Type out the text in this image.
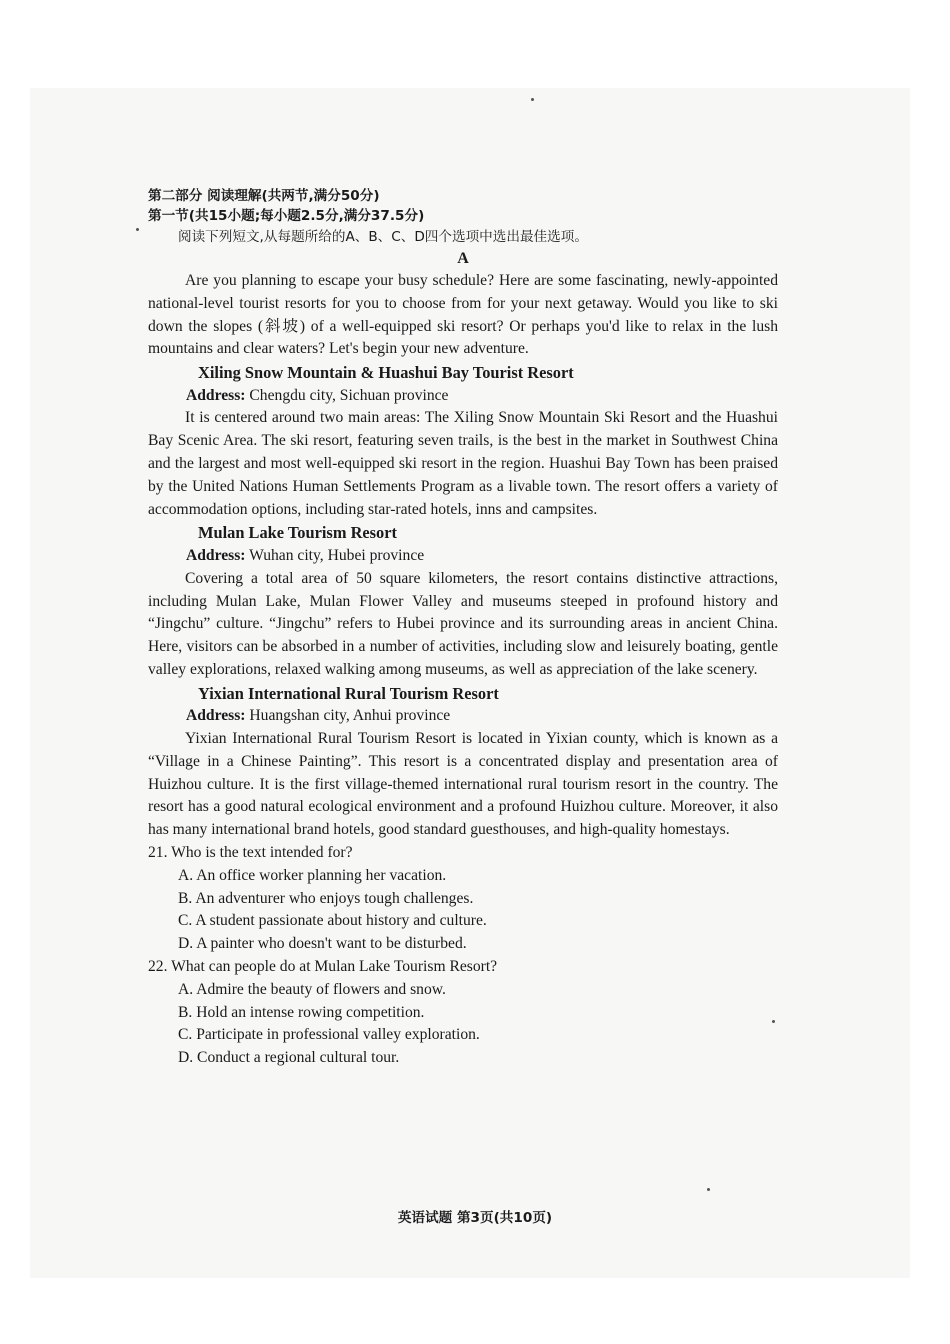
第二部分 阅读理解(共两节,满分50分)

第一节(共15小题;每小题2.5分,满分37.5分)

阅读下列短文,从每题所给的A、B、C、D四个选项中选出最佳选项。

A

Are you planning to escape your busy schedule? Here are some fascinating, newly-appointed national-level tourist resorts for you to choose from for your next getaway. Would you like to ski down the slopes (斜坡) of a well-equipped ski resort? Or perhaps you'd like to relax in the lush mountains and clear waters? Let's begin your new adventure.

Xiling Snow Mountain & Huashui Bay Tourist Resort

Address: Chengdu city, Sichuan province

It is centered around two main areas: The Xiling Snow Mountain Ski Resort and the Huashui Bay Scenic Area. The ski resort, featuring seven trails, is the best in the market in Southwest China and the largest and most well-equipped ski resort in the region. Huashui Bay Town has been praised by the United Nations Human Settlements Program as a livable town. The resort offers a variety of accommodation options, including star-rated hotels, inns and campsites.

Mulan Lake Tourism Resort

Address: Wuhan city, Hubei province

Covering a total area of 50 square kilometers, the resort contains distinctive attractions, including Mulan Lake, Mulan Flower Valley and museums steeped in profound history and “Jingchu” culture. “Jingchu” refers to Hubei province and its surrounding areas in ancient China. Here, visitors can be absorbed in a number of activities, including slow and leisurely boating, gentle valley explorations, relaxed walking among museums, as well as appreciation of the lake scenery.

Yixian International Rural Tourism Resort

Address: Huangshan city, Anhui province

Yixian International Rural Tourism Resort is located in Yixian county, which is known as a “Village in a Chinese Painting”. This resort is a concentrated display and presentation area of Huizhou culture. It is the first village-themed international rural tourism resort in the country. The resort has a good natural ecological environment and a profound Huizhou culture. Moreover, it also has many international brand hotels, good standard guesthouses, and high-quality homestays.

21. Who is the text intended for?

A. An office worker planning her vacation.

B. An adventurer who enjoys tough challenges.

C. A student passionate about history and culture.

D. A painter who doesn't want to be disturbed.

22. What can people do at Mulan Lake Tourism Resort?

A. Admire the beauty of flowers and snow.

B. Hold an intense rowing competition.

C. Participate in professional valley exploration.

D. Conduct a regional cultural tour.

英语试题 第3页(共10页)
